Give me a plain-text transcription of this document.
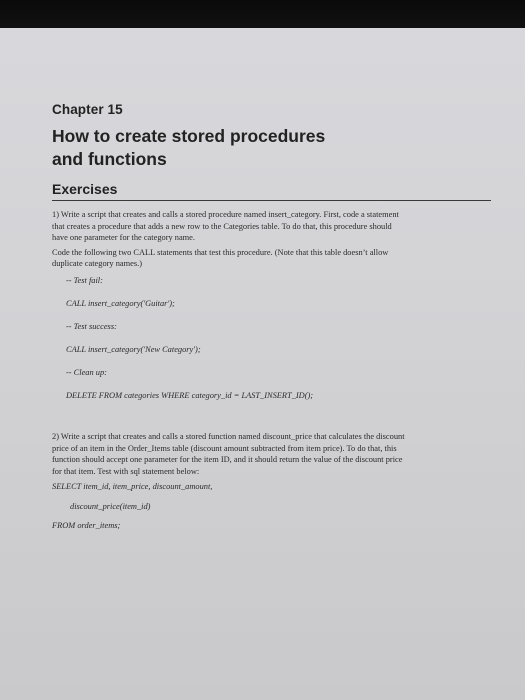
Chapter 15
How to create stored procedures
and functions
Exercises

1) Write a script that creates and calls a stored procedure named insert_category. First, code a statement

that creates a procedure that adds a new row to the Categories table. To do that, this procedure should

have one parameter for the category name.

Code the following two CALL statements that test this procedure. (Note that this table doesn’t allow

duplicate category names.)

-- Test fail:
CALL insert_category('Guitar');
-- Test success:
CALL insert_category('New Category');
-- Clean up:
DELETE FROM categories WHERE category_id = LAST_INSERT_ID();

2) Write a script that creates and calls a stored function named discount_price that calculates the discount

price of an item in the Order_Items table (discount amount subtracted from item price). To do that, this

function should accept one parameter for the item ID, and it should return the value of the discount price

for that item. Test with sql statement below:

SELECT item_id, item_price, discount_amount,
discount_price(item_id)
FROM order_items;
